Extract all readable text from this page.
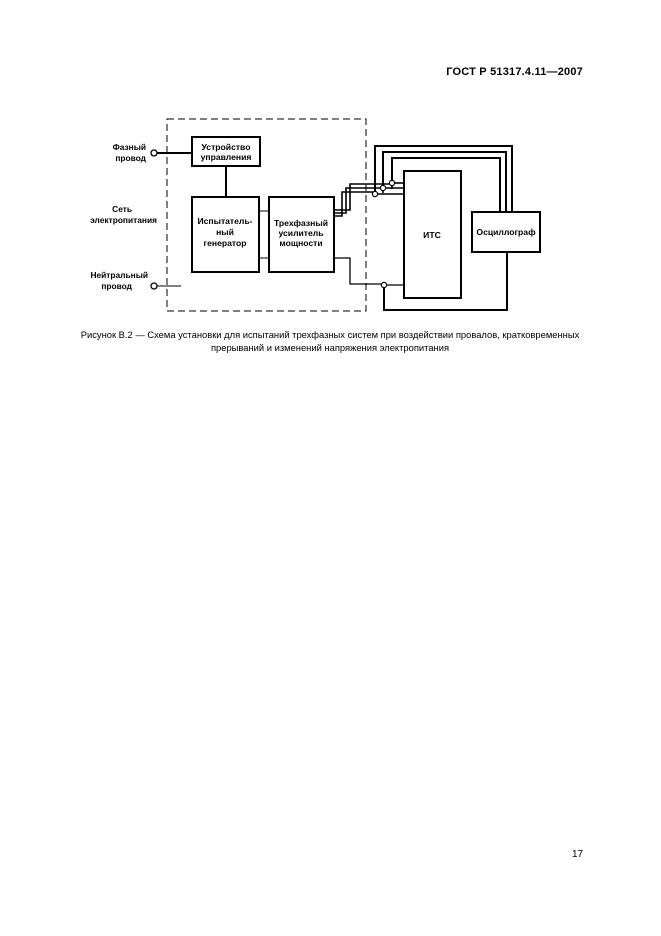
ГОСТ Р 51317.4.11—2007
Фазный
провод
Сеть
электропитания
Нейтральный
провод
Устройство
управления
Испытатель-
ный
генератор
Трехфазный
усилитель
мощности
ИТС	Осциллограф
Рисунок В.2 — Схема установки для испытаний трехфазных систем при воздействии провалов, кратковременных
прерываний и изменений напряжения электропитания
17
